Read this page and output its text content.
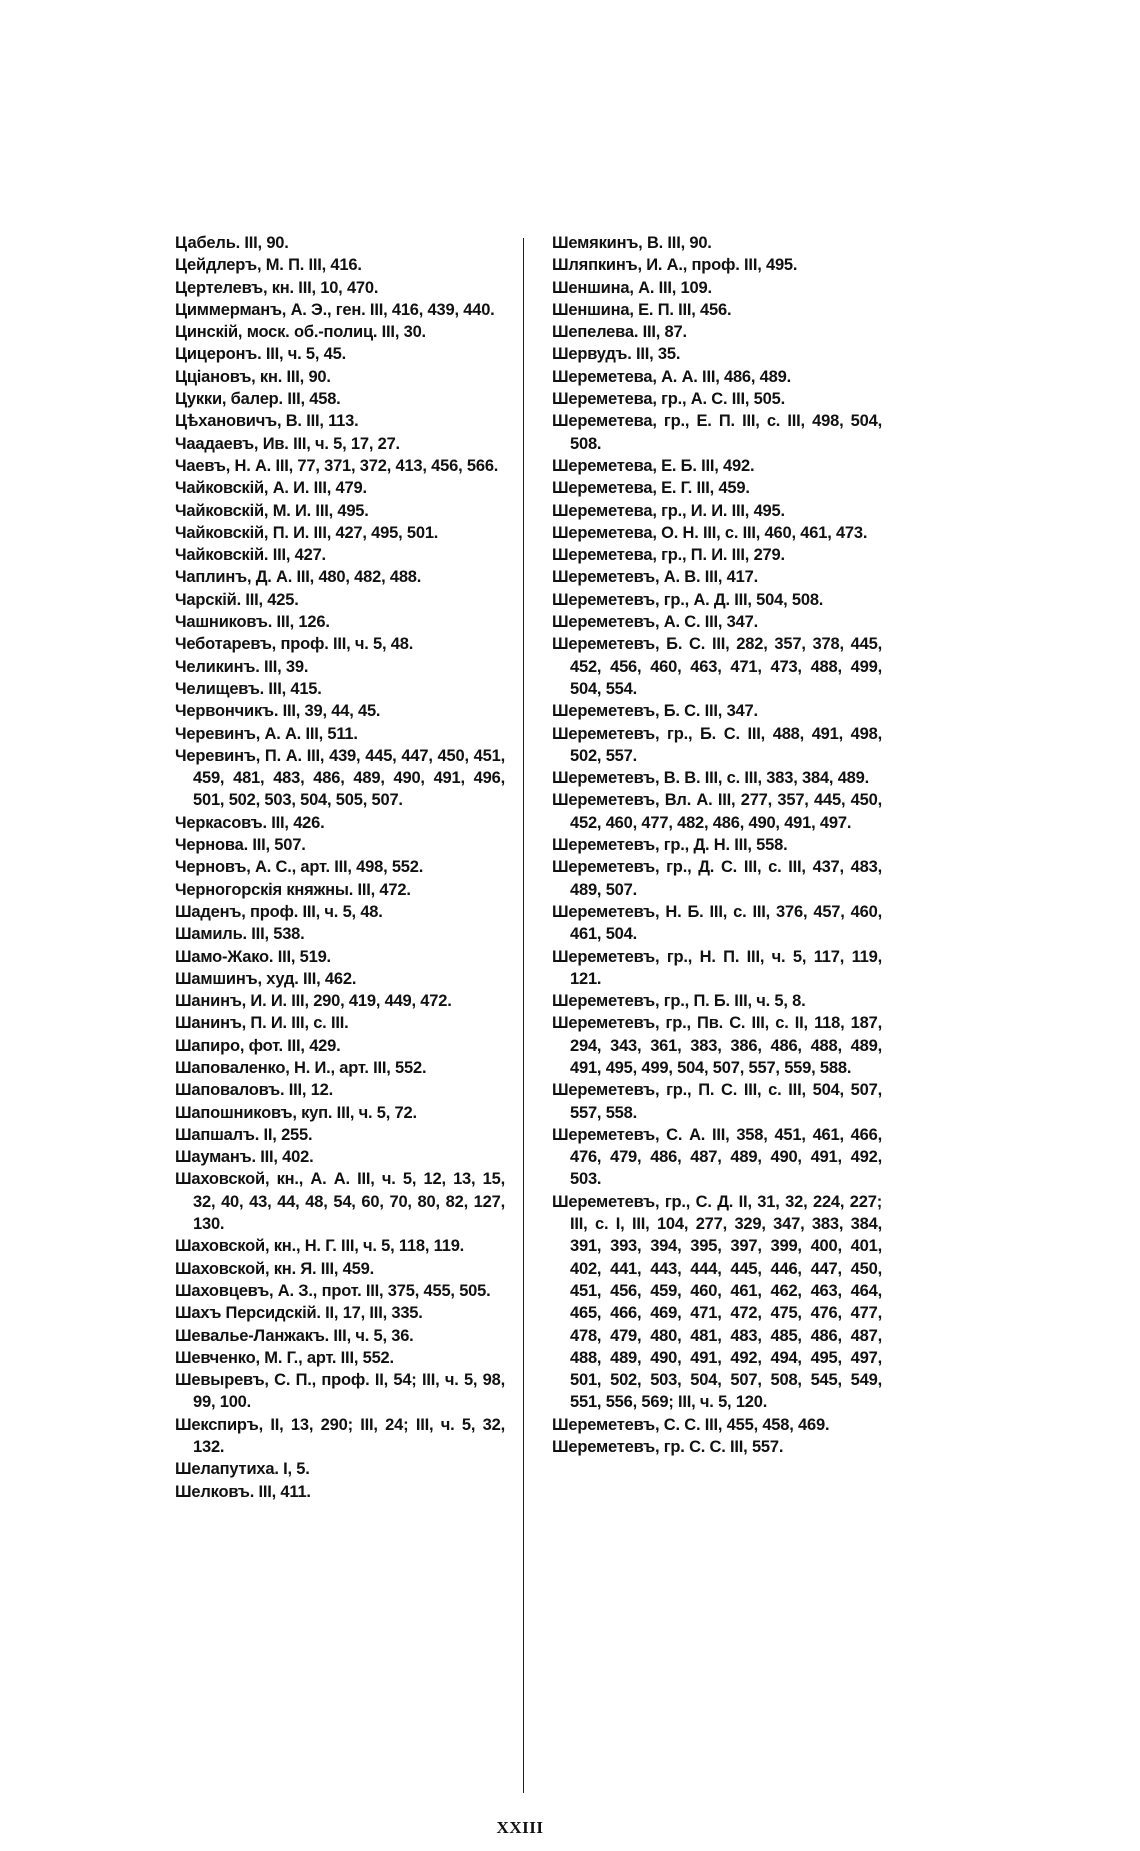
Цабель. III, 90.
Цейдлеръ, М. П. III, 416.
Цертелевъ, кн. III, 10, 470.
Циммерманъ, А. Э., ген. III, 416, 439, 440.
Цинскій, моск. об.-полиц. III, 30.
Цицеронъ. III, ч. 5, 45.
Цціановъ, кн. III, 90.
Цукки, балер. III, 458.
Цѣхановичъ, В. III, 113.
Чаадаевъ, Ив. III, ч. 5, 17, 27.
Чаевъ, Н. А. III, 77, 371, 372, 413, 456, 566.
Чайковскій, А. И. III, 479.
Чайковскій, М. И. III, 495.
Чайковскій, П. И. III, 427, 495, 501.
Чайковскій. III, 427.
Чаплинъ, Д. А. III, 480, 482, 488.
Чарскій. III, 425.
Чашниковъ. III, 126.
Чеботаревъ, проф. III, ч. 5, 48.
Челикинъ. III, 39.
Челищевъ. III, 415.
Червончикъ. III, 39, 44, 45.
Черевинъ, А. А. III, 511.
Черевинъ, П. А. III, 439, 445, 447, 450, 451, 459, 481, 483, 486, 489, 490, 491, 496, 501, 502, 503, 504, 505, 507.
Черкасовъ. III, 426.
Чернова. III, 507.
Черновъ, А. С., арт. III, 498, 552.
Черногорскія княжны. III, 472.
Шаденъ, проф. III, ч. 5, 48.
Шамиль. III, 538.
Шамо-Жако. III, 519.
Шамшинъ, худ. III, 462.
Шанинъ, И. И. III, 290, 419, 449, 472.
Шанинъ, П. И. III, с. III.
Шапиро, фот. III, 429.
Шаповаленко, Н. И., арт. III, 552.
Шаповаловъ. III, 12.
Шапошниковъ, куп. III, ч. 5, 72.
Шапшалъ. II, 255.
Шауманъ. III, 402.
Шаховской, кн., А. А. III, ч. 5, 12, 13, 15, 32, 40, 43, 44, 48, 54, 60, 70, 80, 82, 127, 130.
Шаховской, кн., Н. Г. III, ч. 5, 118, 119.
Шаховской, кн. Я. III, 459.
Шаховцевъ, А. З., прот. III, 375, 455, 505.
Шахъ Персидскій. II, 17, III, 335.
Шевалье-Ланжакъ. III, ч. 5, 36.
Шевченко, М. Г., арт. III, 552.
Шевыревъ, С. П., проф. II, 54; III, ч. 5, 98, 99, 100.
Шекспиръ, II, 13, 290; III, 24; III, ч. 5, 32, 132.
Шелапутиха. I, 5.
Шелковъ. III, 411.
Шемякинъ, В. III, 90.
Шляпкинъ, И. А., проф. III, 495.
Шеншина, А. III, 109.
Шеншина, Е. П. III, 456.
Шепелева. III, 87.
Шервудъ. III, 35.
Шереметева, А. А. III, 486, 489.
Шереметева, гр., А. С. III, 505.
Шереметева, гр., Е. П. III, с. III, 498, 504, 508.
Шереметева, Е. Б. III, 492.
Шереметева, Е. Г. III, 459.
Шереметева, гр., И. И. III, 495.
Шереметева, О. Н. III, с. III, 460, 461, 473.
Шереметева, гр., П. И. III, 279.
Шереметевъ, А. В. III, 417.
Шереметевъ, гр., А. Д. III, 504, 508.
Шереметевъ, А. С. III, 347.
Шереметевъ, Б. С. III, 282, 357, 378, 445, 452, 456, 460, 463, 471, 473, 488, 499, 504, 554.
Шереметевъ, Б. С. III, 347.
Шереметевъ, гр., Б. С. III, 488, 491, 498, 502, 557.
Шереметевъ, В. В. III, с. III, 383, 384, 489.
Шереметевъ, Вл. А. III, 277, 357, 445, 450, 452, 460, 477, 482, 486, 490, 491, 497.
Шереметевъ, гр., Д. Н. III, 558.
Шереметевъ, гр., Д. С. III, с. III, 437, 483, 489, 507.
Шереметевъ, Н. Б. III, с. III, 376, 457, 460, 461, 504.
Шереметевъ, гр., Н. П. III, ч. 5, 117, 119, 121.
Шереметевъ, гр., П. Б. III, ч. 5, 8.
Шереметевъ, гр., Пв. С. III, с. II, 118, 187, 294, 343, 361, 383, 386, 486, 488, 489, 491, 495, 499, 504, 507, 557, 559, 588.
Шереметевъ, гр., П. С. III, с. III, 504, 507, 557, 558.
Шереметевъ, С. А. III, 358, 451, 461, 466, 476, 479, 486, 487, 489, 490, 491, 492, 503.
Шереметевъ, гр., С. Д. II, 31, 32, 224, 227; III, с. I, III, 104, 277, 329, 347, 383, 384, 391, 393, 394, 395, 397, 399, 400, 401, 402, 441, 443, 444, 445, 446, 447, 450, 451, 456, 459, 460, 461, 462, 463, 464, 465, 466, 469, 471, 472, 475, 476, 477, 478, 479, 480, 481, 483, 485, 486, 487, 488, 489, 490, 491, 492, 494, 495, 497, 501, 502, 503, 504, 507, 508, 545, 549, 551, 556, 569; III, ч. 5, 120.
Шереметевъ, С. С. III, 455, 458, 469.
Шереметевъ, гр. С. С. III, 557.
XXIII
